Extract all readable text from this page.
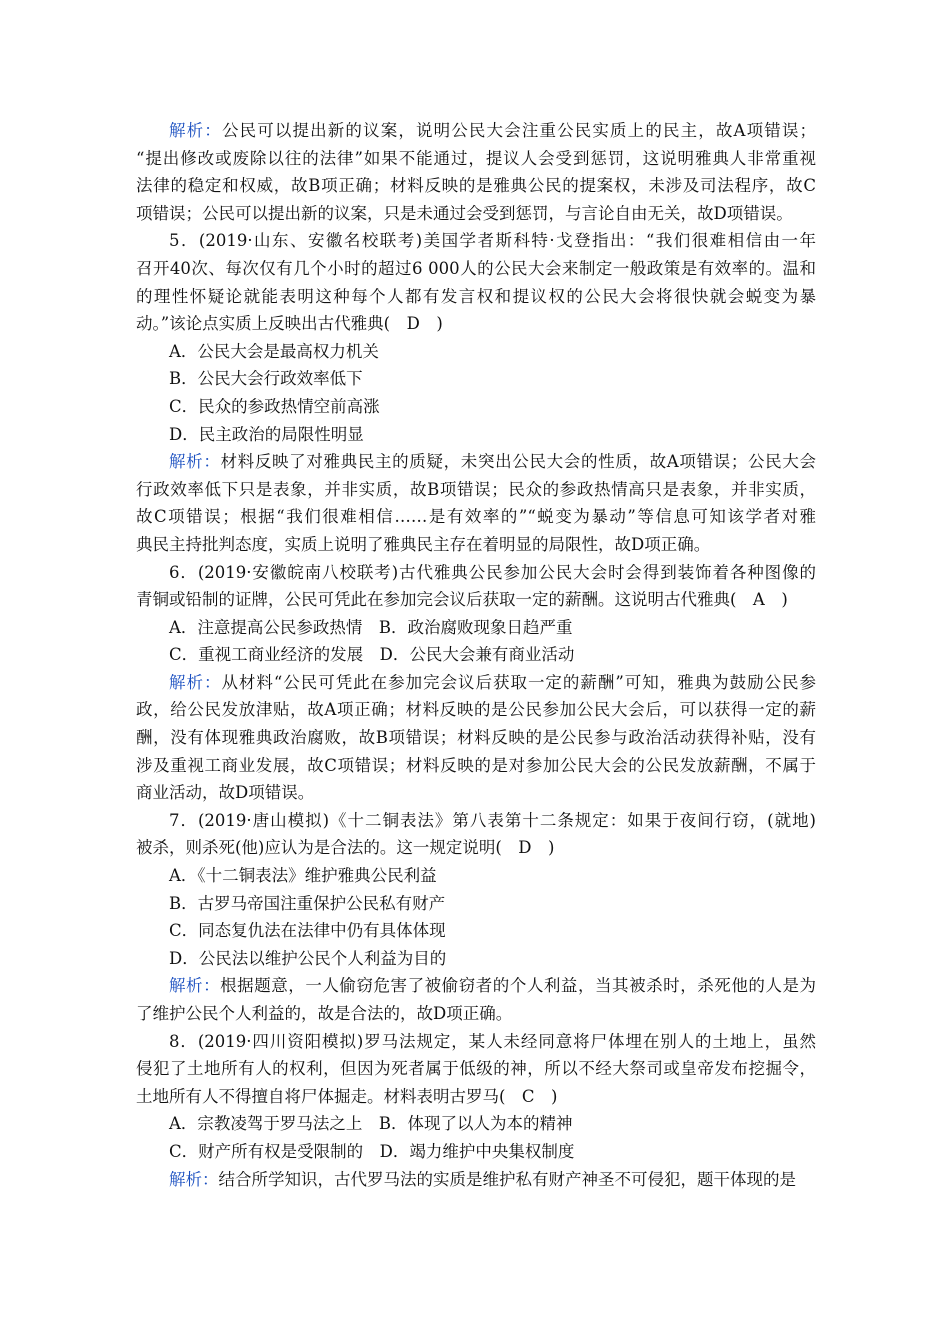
解析：公民可以提出新的议案，说明公民大会注重公民实质上的民主，故A项错误；
“提出修改或废除以往的法律”如果不能通过，提议人会受到惩罚，这说明雅典人非常重视
法律的稳定和权威，故B项正确；材料反映的是雅典公民的提案权，未涉及司法程序，故C
项错误；公民可以提出新的议案，只是未通过会受到惩罚，与言论自由无关，故D项错误。
5．(2019·山东、安徽名校联考)美国学者斯科特·戈登指出：“我们很难相信由一年
召开40次、每次仅有几个小时的超过6 000人的公民大会来制定一般政策是有效率的。温和
的理性怀疑论就能表明这种每个人都有发言权和提议权的公民大会将很快就会蜕变为暴
动。”该论点实质上反映出古代雅典(　D　)
A．公民大会是最高权力机关
B．公民大会行政效率低下
C．民众的参政热情空前高涨
D．民主政治的局限性明显
解析：材料反映了对雅典民主的质疑，未突出公民大会的性质，故A项错误；公民大会
行政效率低下只是表象，并非实质，故B项错误；民众的参政热情高只是表象，并非实质，
故C项错误；根据“我们很难相信……是有效率的”“蜕变为暴动”等信息可知该学者对雅
典民主持批判态度，实质上说明了雅典民主存在着明显的局限性，故D项正确。
6．(2019·安徽皖南八校联考)古代雅典公民参加公民大会时会得到装饰着各种图像的
青铜或铅制的证牌，公民可凭此在参加完会议后获取一定的薪酬。这说明古代雅典(　A　)
A．注意提高公民参政热情　B．政治腐败现象日趋严重
C．重视工商业经济的发展　D．公民大会兼有商业活动
解析：从材料“公民可凭此在参加完会议后获取一定的薪酬”可知，雅典为鼓励公民参
政，给公民发放津贴，故A项正确；材料反映的是公民参加公民大会后，可以获得一定的薪
酬，没有体现雅典政治腐败，故B项错误；材料反映的是公民参与政治活动获得补贴，没有
涉及重视工商业发展，故C项错误；材料反映的是对参加公民大会的公民发放薪酬，不属于
商业活动，故D项错误。
7．(2019·唐山模拟)《十二铜表法》第八表第十二条规定：如果于夜间行窃，(就地)
被杀，则杀死(他)应认为是合法的。这一规定说明(　D　)
A．《十二铜表法》维护雅典公民利益
B．古罗马帝国注重保护公民私有财产
C．同态复仇法在法律中仍有具体体现
D．公民法以维护公民个人利益为目的
解析：根据题意，一人偷窃危害了被偷窃者的个人利益，当其被杀时，杀死他的人是为
了维护公民个人利益的，故是合法的，故D项正确。
8．(2019·四川资阳模拟)罗马法规定，某人未经同意将尸体埋在别人的土地上，虽然
侵犯了土地所有人的权利，但因为死者属于低级的神，所以不经大祭司或皇帝发布挖掘令，
土地所有人不得擅自将尸体掘走。材料表明古罗马(　C　)
A．宗教凌驾于罗马法之上　B．体现了以人为本的精神
C．财产所有权是受限制的　D．竭力维护中央集权制度
解析：结合所学知识，古代罗马法的实质是维护私有财产神圣不可侵犯，题干体现的是
